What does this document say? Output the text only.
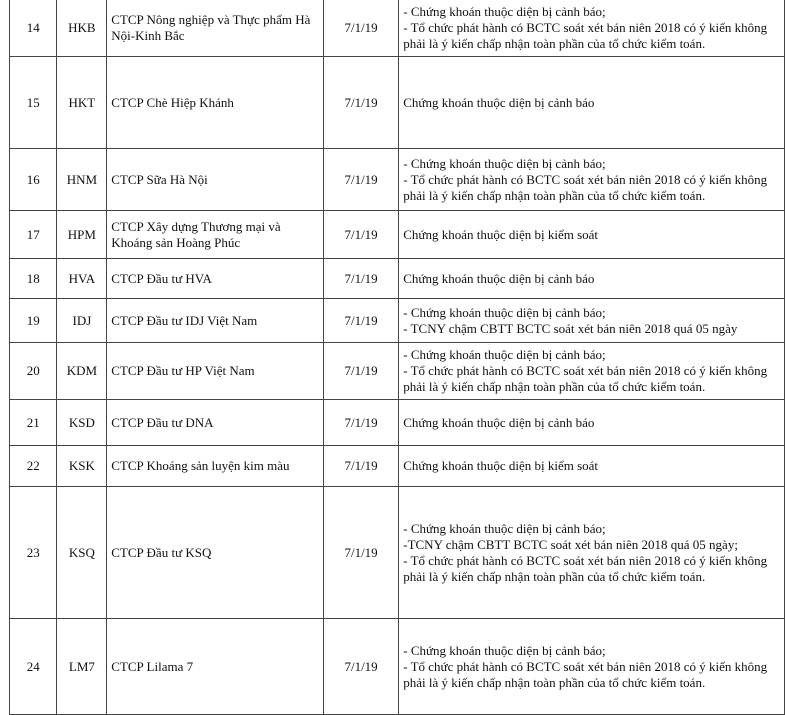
14	HKB	CTCP Nông nghiệp và Thực phẩm Hà Nội-Kinh Bắc	7/1/19	- Chứng khoán thuộc diện bị cảnh báo;
- Tổ chức phát hành có BCTC soát xét bán niên 2018 có ý kiến không
phải là ý kiến chấp nhận toàn phần của tổ chức kiểm toán.

15	HKT	CTCP Chè Hiệp Khánh	7/1/19	Chứng khoán thuộc diện bị cảnh báo

16	HNM	CTCP Sữa Hà Nội	7/1/19	- Chứng khoán thuộc diện bị cảnh báo;
- Tổ chức phát hành có BCTC soát xét bán niên 2018 có ý kiến không
phải là ý kiến chấp nhận toàn phần của tổ chức kiểm toán.

17	HPM	CTCP Xây dựng Thương mại và Khoáng sản Hoàng Phúc	7/1/19	Chứng khoán thuộc diện bị kiểm soát

18	HVA	CTCP Đầu tư HVA	7/1/19	Chứng khoán thuộc diện bị cảnh báo

19	IDJ	CTCP Đầu tư IDJ Việt Nam	7/1/19	- Chứng khoán thuộc diện bị cảnh báo;
- TCNY chậm CBTT BCTC soát xét bán niên 2018 quá 05 ngày

20	KDM	CTCP Đầu tư HP Việt Nam	7/1/19	- Chứng khoán thuộc diện bị cảnh báo;
- Tổ chức phát hành có BCTC soát xét bán niên 2018 có ý kiến không
phải là ý kiến chấp nhận toàn phần của tổ chức kiểm toán.

21	KSD	CTCP Đầu tư DNA	7/1/19	Chứng khoán thuộc diện bị cảnh báo

22	KSK	CTCP Khoáng sản luyện kim màu	7/1/19	Chứng khoán thuộc diện bị kiểm soát

23	KSQ	CTCP Đầu tư KSQ	7/1/19	- Chứng khoán thuộc diện bị cảnh báo;
-TCNY chậm CBTT BCTC soát xét bán niên 2018 quá 05 ngày;
- Tổ chức phát hành có BCTC soát xét bán niên 2018 có ý kiến không
phải là ý kiến chấp nhận toàn phần của tổ chức kiểm toán.

24	LM7	CTCP Lilama 7	7/1/19	- Chứng khoán thuộc diện bị cảnh báo;
- Tổ chức phát hành có BCTC soát xét bán niên 2018 có ý kiến không
phải là ý kiến chấp nhận toàn phần của tổ chức kiểm toán.
